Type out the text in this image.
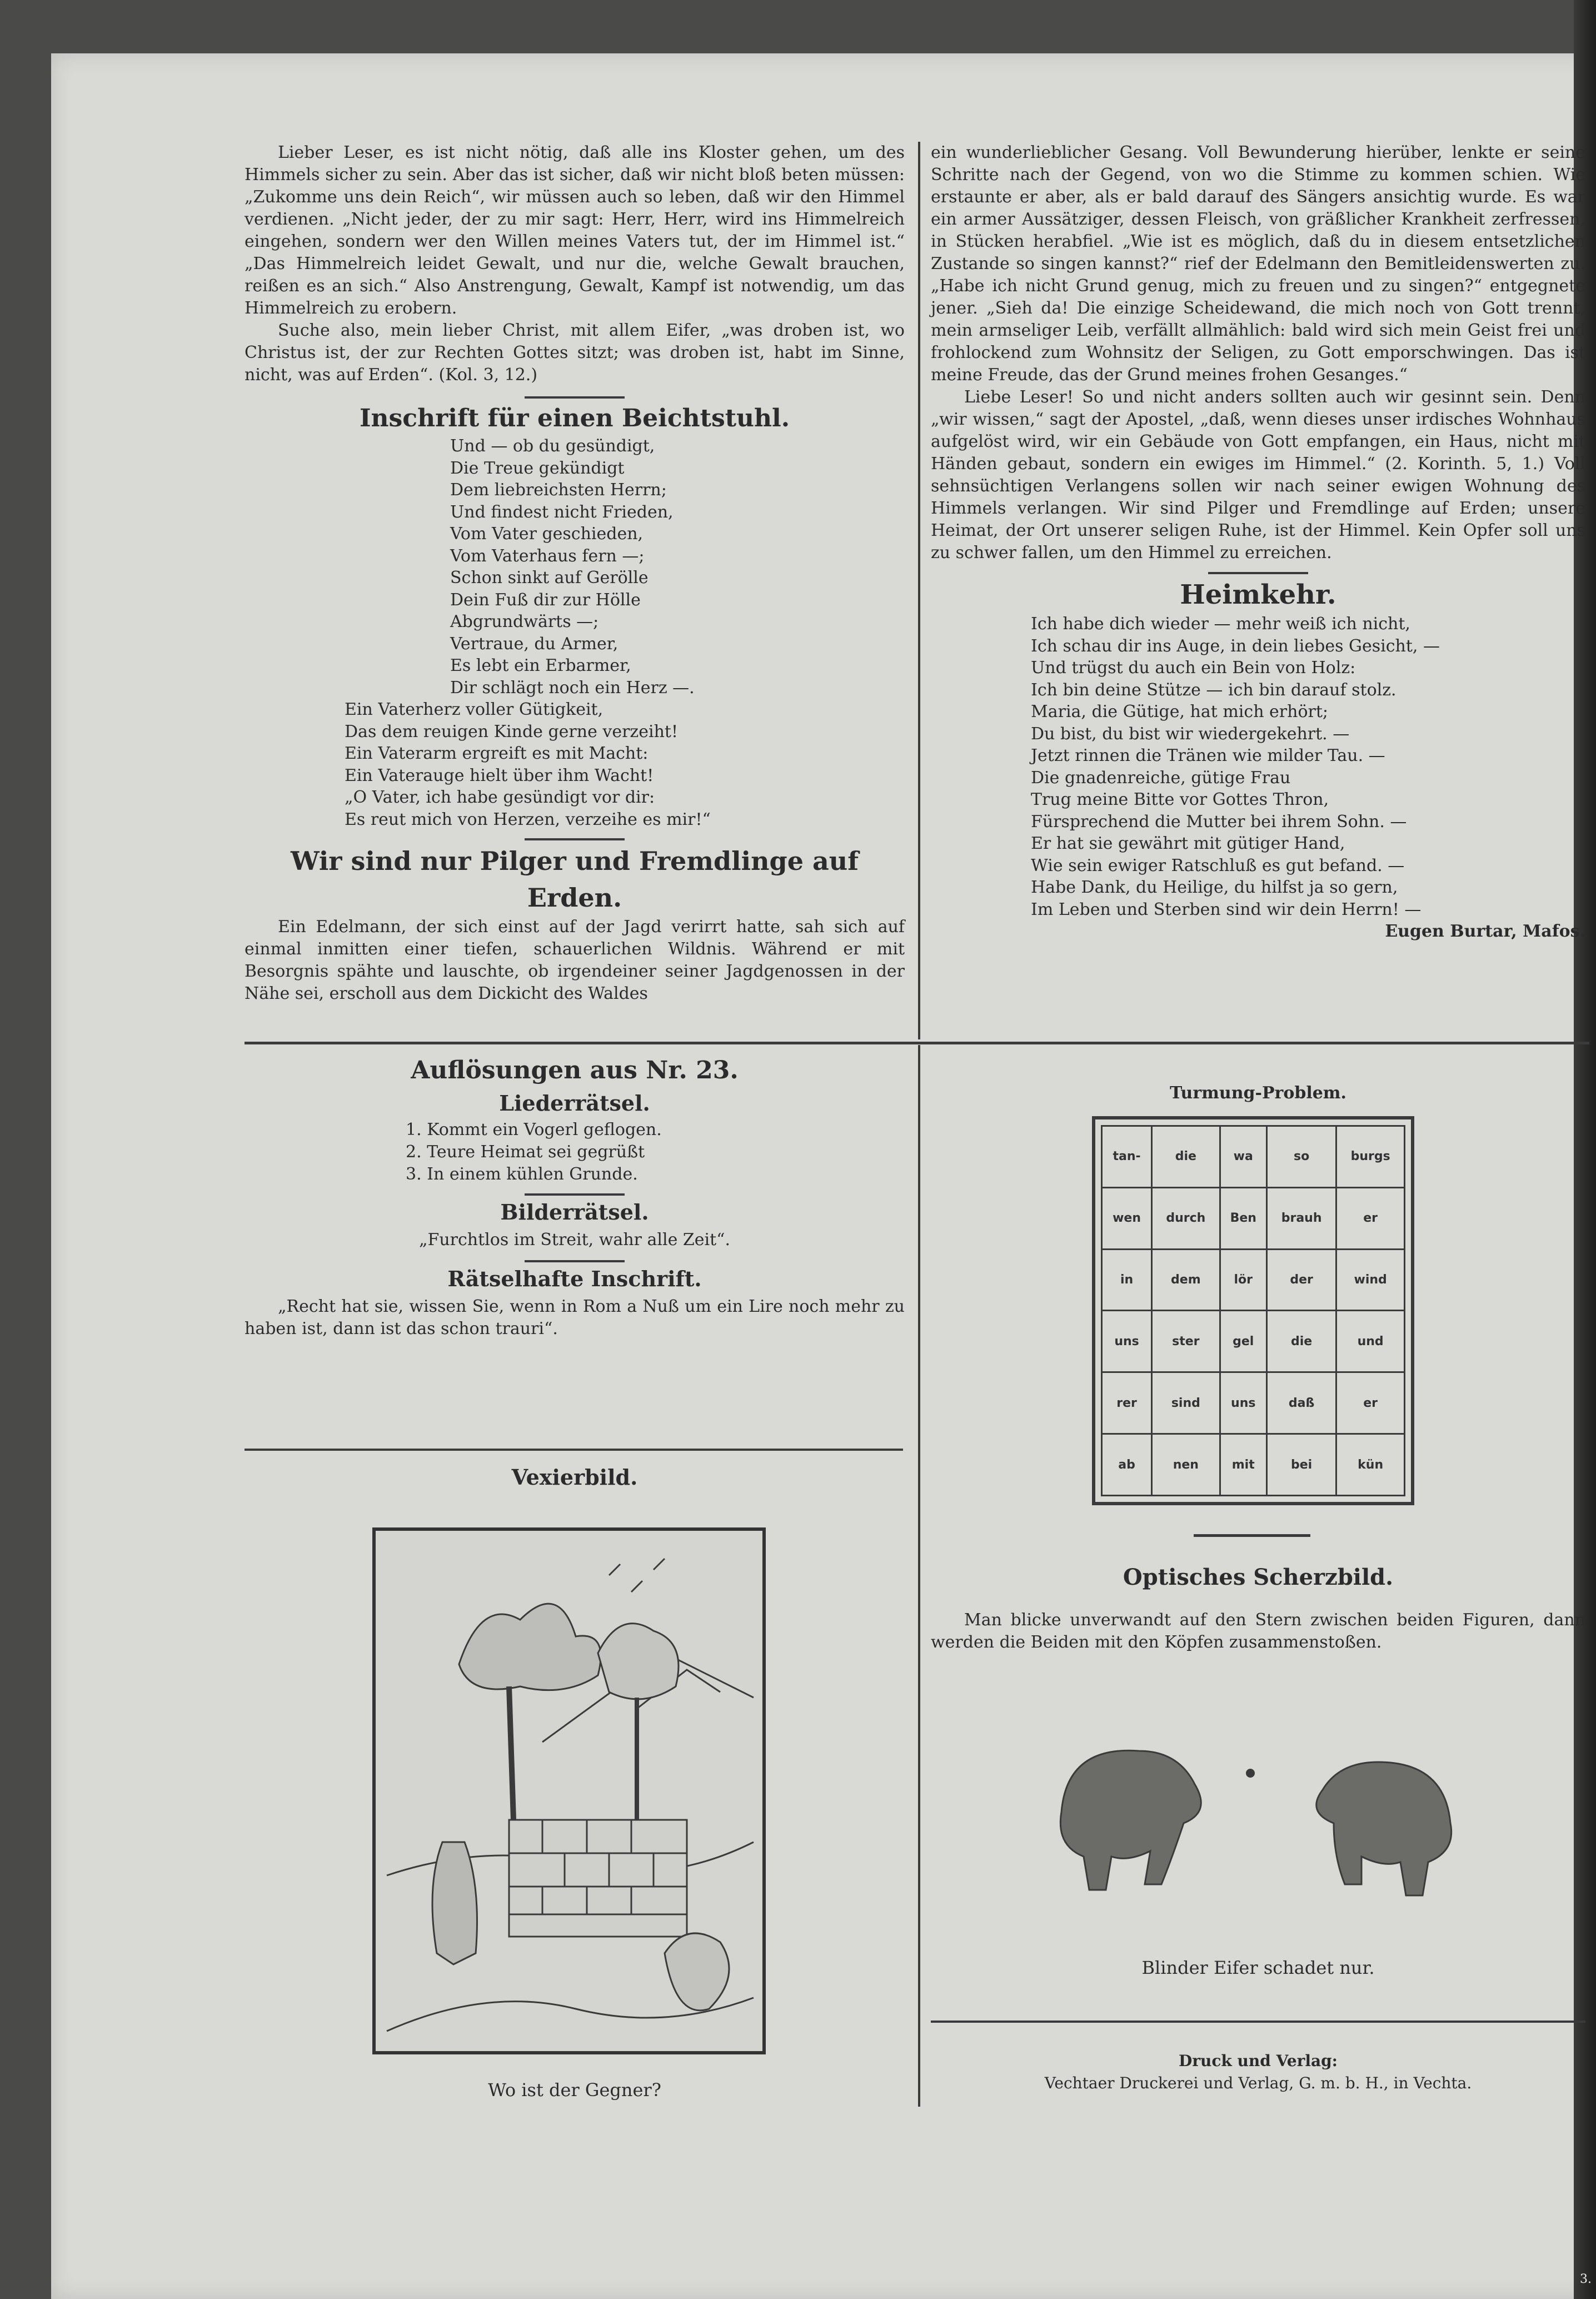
Lieber Leser, es ist nicht nötig, daß alle ins Kloster gehen, um des Himmels sicher zu sein. Aber das ist sicher, daß wir nicht bloß beten müssen: „Zukomme uns dein Reich“, wir müssen auch so leben, daß wir den Himmel verdienen. „Nicht jeder, der zu mir sagt: Herr, Herr, wird ins Himmelreich eingehen, sondern wer den Willen meines Vaters tut, der im Himmel ist.“ „Das Himmelreich leidet Gewalt, und nur die, welche Gewalt brauchen, reißen es an sich.“ Also Anstrengung, Gewalt, Kampf ist notwendig, um das Himmelreich zu erobern.

Suche also, mein lieber Christ, mit allem Eifer, „was droben ist, wo Christus ist, der zur Rechten Gottes sitzt; was droben ist, habt im Sinne, nicht, was auf Erden“. (Kol. 3, 12.)

Inschrift für einen Beichtstuhl.

Und — ob du gesündigt,
Die Treue gekündigt
Dem liebreichsten Herrn;
Und findest nicht Frieden,
Vom Vater geschieden,
Vom Vaterhaus fern —;
Schon sinkt auf Gerölle
Dein Fuß dir zur Hölle
Abgrundwärts —;
Vertraue, du Armer,
Es lebt ein Erbarmer,
Dir schlägt noch ein Herz —.
Ein Vaterherz voller Gütigkeit,
Das dem reuigen Kinde gerne verzeiht!
Ein Vaterarm ergreift es mit Macht:
Ein Vaterauge hielt über ihm Wacht!
„O Vater, ich habe gesündigt vor dir:
Es reut mich von Herzen, verzeihe es mir!“

Wir sind nur Pilger und Fremdlinge auf Erden.

Ein Edelmann, der sich einst auf der Jagd verirrt hatte, sah sich auf einmal inmitten einer tiefen, schauerlichen Wildnis. Während er mit Besorgnis spähte und lauschte, ob irgendeiner seiner Jagdgenossen in der Nähe sei, erscholl aus dem Dickicht des Waldes

ein wunderlieblicher Gesang. Voll Bewunderung hierüber, lenkte er seine Schritte nach der Gegend, von wo die Stimme zu kommen schien. Wie erstaunte er aber, als er bald darauf des Sängers ansichtig wurde. Es war ein armer Aussätziger, dessen Fleisch, von gräßlicher Krankheit zerfressen, in Stücken herabfiel. „Wie ist es möglich, daß du in diesem entsetzlichen Zustande so singen kannst?“ rief der Edelmann den Bemitleidenswerten zu. „Habe ich nicht Grund genug, mich zu freuen und zu singen?“ entgegnete jener. „Sieh da! Die einzige Scheidewand, die mich noch von Gott trennt, mein armseliger Leib, verfällt allmählich: bald wird sich mein Geist frei und frohlockend zum Wohnsitz der Seligen, zu Gott emporschwingen. Das ist meine Freude, das der Grund meines frohen Gesanges.“

Liebe Leser! So und nicht anders sollten auch wir gesinnt sein. Denn „wir wissen,“ sagt der Apostel, „daß, wenn dieses unser irdisches Wohnhaus aufgelöst wird, wir ein Gebäude von Gott empfangen, ein Haus, nicht mit Händen gebaut, sondern ein ewiges im Himmel.“ (2. Korinth. 5, 1.) Voll sehnsüchtigen Verlangens sollen wir nach seiner ewigen Wohnung des Himmels verlangen. Wir sind Pilger und Fremdlinge auf Erden; unsere Heimat, der Ort unserer seligen Ruhe, ist der Himmel. Kein Opfer soll uns zu schwer fallen, um den Himmel zu erreichen.

Heimkehr.

Ich habe dich wieder — mehr weiß ich nicht,
Ich schau dir ins Auge, in dein liebes Gesicht, —
Und trügst du auch ein Bein von Holz:
Ich bin deine Stütze — ich bin darauf stolz.
Maria, die Gütige, hat mich erhört;
Du bist, du bist wir wiedergekehrt. —
Jetzt rinnen die Tränen wie milder Tau. —
Die gnadenreiche, gütige Frau
Trug meine Bitte vor Gottes Thron,
Fürsprechend die Mutter bei ihrem Sohn. —
Er hat sie gewährt mit gütiger Hand,
Wie sein ewiger Ratschluß es gut befand. —
Habe Dank, du Heilige, du hilfst ja so gern,
Im Leben und Sterben sind wir dein Herrn! —
Eugen Burtar, Mafos.

Auflösungen aus Nr. 23.

Liederrätsel.

1. Kommt ein Vogerl geflogen.
2. Teure Heimat sei gegrüßt
3. In einem kühlen Grunde.

Bilderrätsel.

„Furchtlos im Streit, wahr alle Zeit“.

Rätselhafte Inschrift.

„Recht hat sie, wissen Sie, wenn in Rom a Nuß um ein Lire noch mehr zu haben ist, dann ist das schon trauri“.

Vexierbild.

Wo ist der Gegner?

Turmung-Problem.

tan-	die	wa	so	burgs
wen	durch	Ben	brauh	er
in	dem	lör	der	wind
uns	ster	gel	die	und
rer	sind	uns	daß	er
ab	nen	mit	bei	kün

Optisches Scherzbild.

Man blicke unverwandt auf den Stern zwischen beiden Figuren, dann werden die Beiden mit den Köpfen zusammenstoßen.

Blinder Eifer schadet nur.

Druck und Verlag:

Vechtaer Druckerei und Verlag, G. m. b. H., in Vechta.

3.
